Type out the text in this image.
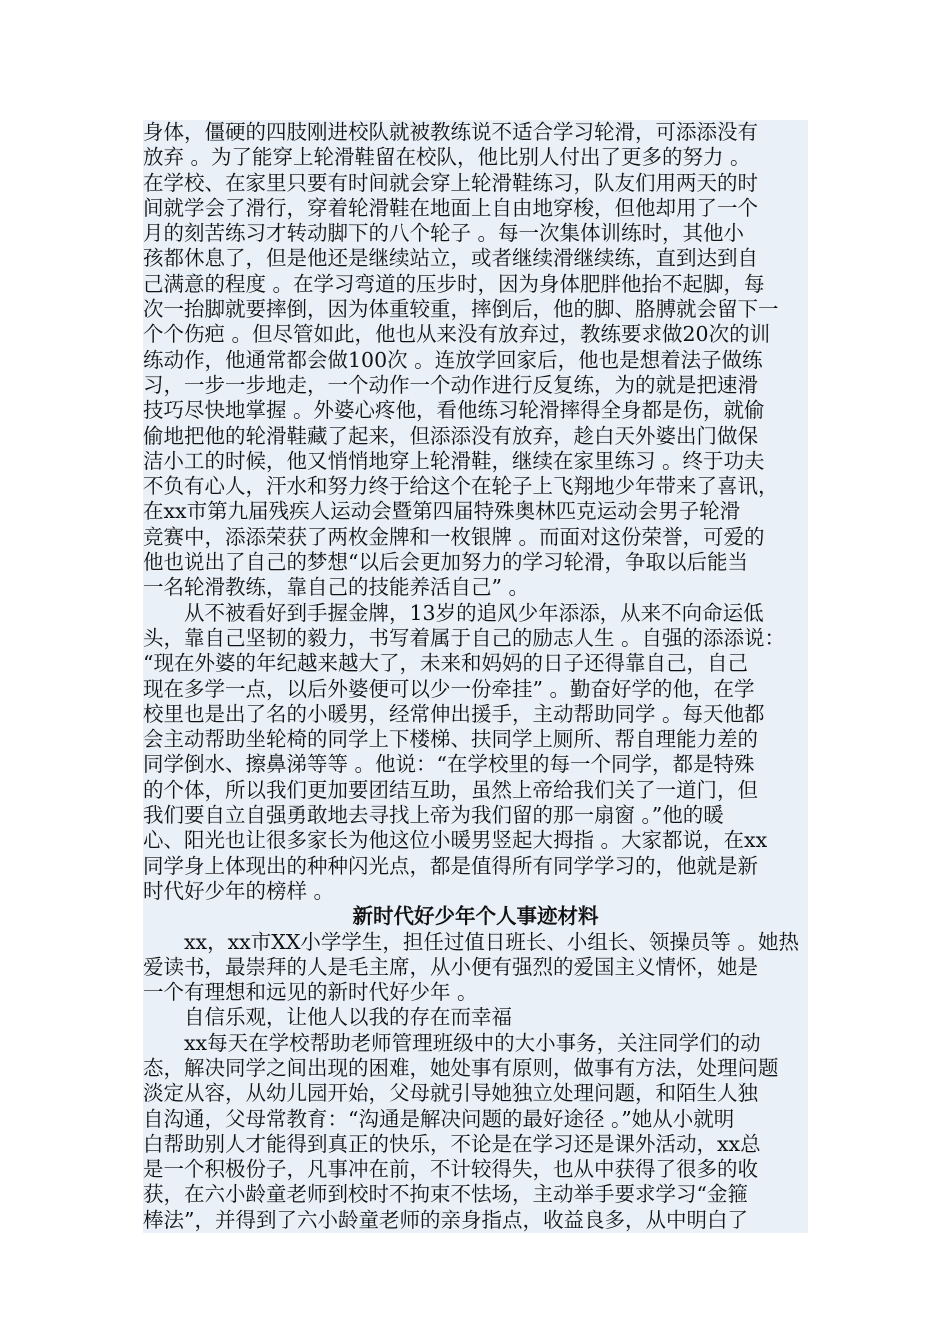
身体，僵硬的四肢刚进校队就被教练说不适合学习轮滑，可添添没有
放弃 。为了能穿上轮滑鞋留在校队，他比别人付出了更多的努力 。
在学校、在家里只要有时间就会穿上轮滑鞋练习，队友们用两天的时
间就学会了滑行，穿着轮滑鞋在地面上自由地穿梭，但他却用了一个
月的刻苦练习才转动脚下的八个轮子 。每一次集体训练时，其他小
孩都休息了，但是他还是继续站立，或者继续滑继续练，直到达到自
己满意的程度 。在学习弯道的压步时，因为身体肥胖他抬不起脚，每
次一抬脚就要摔倒，因为体重较重，摔倒后，他的脚、胳膊就会留下一
个个伤疤 。但尽管如此，他也从来没有放弃过，教练要求做20次的训
练动作，他通常都会做100次 。连放学回家后，他也是想着法子做练
习，一步一步地走，一个动作一个动作进行反复练，为的就是把速滑
技巧尽快地掌握 。外婆心疼他，看他练习轮滑摔得全身都是伤，就偷
偷地把他的轮滑鞋藏了起来，但添添没有放弃，趁白天外婆出门做保
洁小工的时候，他又悄悄地穿上轮滑鞋，继续在家里练习 。终于功夫
不负有心人，汗水和努力终于给这个在轮子上飞翔地少年带来了喜讯，
在xx市第九届残疾人运动会暨第四届特殊奥林匹克运动会男子轮滑
竞赛中，添添荣获了两枚金牌和一枚银牌 。而面对这份荣誉，可爱的
他也说出了自己的梦想“以后会更加努力的学习轮滑，争取以后能当
一名轮滑教练，靠自己的技能养活自己” 。
　　从不被看好到手握金牌，13岁的追风少年添添，从来不向命运低
头，靠自己坚韧的毅力，书写着属于自己的励志人生 。自强的添添说：
“现在外婆的年纪越来越大了，未来和妈妈的日子还得靠自己，自己
现在多学一点，以后外婆便可以少一份牵挂” 。勤奋好学的他，在学
校里也是出了名的小暖男，经常伸出援手，主动帮助同学 。每天他都
会主动帮助坐轮椅的同学上下楼梯、扶同学上厕所、帮自理能力差的
同学倒水、擦鼻涕等等 。他说：“在学校里的每一个同学，都是特殊
的个体，所以我们更加要团结互助，虽然上帝给我们关了一道门，但
我们要自立自强勇敢地去寻找上帝为我们留的那一扇窗 。”他的暖
心、阳光也让很多家长为他这位小暖男竖起大拇指 。大家都说，在xx
同学身上体现出的种种闪光点，都是值得所有同学学习的，他就是新
时代好少年的榜样 。
新时代好少年个人事迹材料
　　xx，xx市XX小学学生，担任过值日班长、小组长、领操员等 。她热
爱读书，最崇拜的人是毛主席，从小便有强烈的爱国主义情怀，她是
一个有理想和远见的新时代好少年 。
　　自信乐观，让他人以我的存在而幸福
　　xx每天在学校帮助老师管理班级中的大小事务，关注同学们的动
态，解决同学之间出现的困难，她处事有原则，做事有方法，处理问题
淡定从容，从幼儿园开始，父母就引导她独立处理问题，和陌生人独
自沟通，父母常教育：“沟通是解决问题的最好途径 。”她从小就明
白帮助别人才能得到真正的快乐，不论是在学习还是课外活动，xx总
是一个积极份子，凡事冲在前，不计较得失，也从中获得了很多的收
获，在六小龄童老师到校时不拘束不怯场，主动举手要求学习“金箍
棒法”，并得到了六小龄童老师的亲身指点，收益良多，从中明白了
